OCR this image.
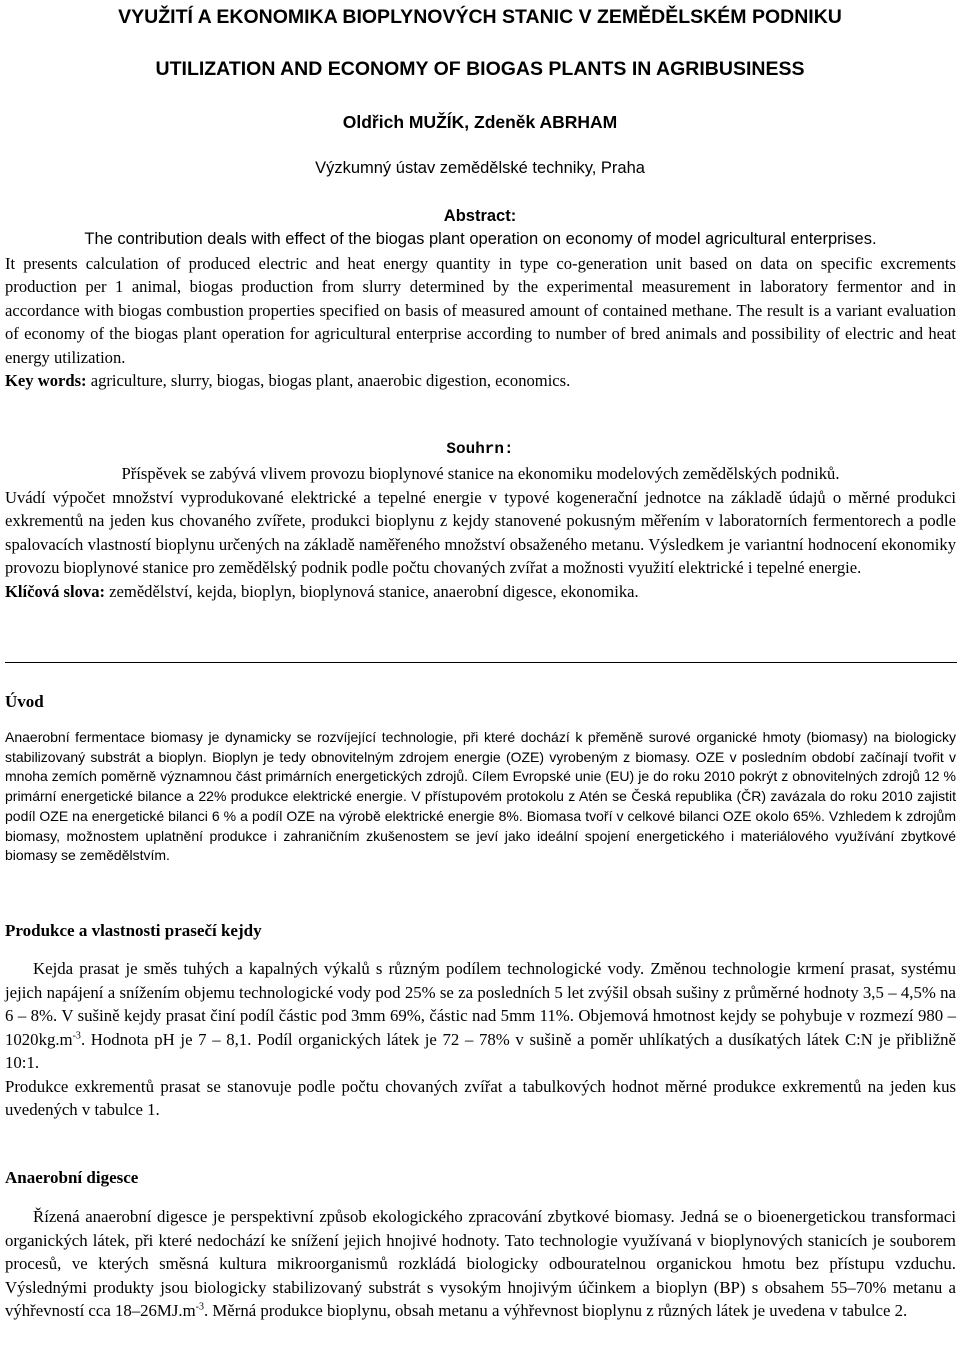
VYUŽITÍ A EKONOMIKA BIOPLYNOVÝCH STANIC V ZEMĚDĚLSKÉM PODNIKU
UTILIZATION AND ECONOMY OF BIOGAS PLANTS IN AGRIBUSINESS
Oldřich MUŽÍK, Zdeněk ABRHAM
Výzkumný ústav zemědělské techniky, Praha
Abstract:

The contribution deals with effect of the biogas plant operation on economy of model agricultural enterprises.

It presents calculation of produced electric and heat energy quantity in type co-generation unit based on data on specific excrements production per 1 animal, biogas production from slurry determined by the experimental measurement in laboratory fermentor and in accordance with biogas combustion properties specified on basis of measured amount of contained methane. The result is a variant evaluation of economy of the biogas plant operation for agricultural enterprise according to number of bred animals and possibility of electric and heat energy utilization.

Key words: agriculture, slurry, biogas, biogas plant, anaerobic digestion, economics.

Souhrn:

Příspěvek se zabývá vlivem provozu bioplynové stanice na ekonomiku modelových zemědělských podniků.

Uvádí výpočet množství vyprodukované elektrické a tepelné energie v typové kogenerační jednotce na základě údajů o měrné produkci exkrementů na jeden kus chovaného zvířete, produkci bioplynu z kejdy stanovené pokusným měřením v laboratorních fermentorech a podle spalovacích vlastností bioplynu určených na základě naměřeného množství obsaženého metanu. Výsledkem je variantní hodnocení ekonomiky provozu bioplynové stanice pro zemědělský podnik podle počtu chovaných zvířat a možnosti využití elektrické i tepelné energie.

Klíčová slova: zemědělství, kejda, bioplyn, bioplynová stanice, anaerobní digesce, ekonomika.

Úvod
Anaerobní fermentace biomasy je dynamicky se rozvíjející technologie, při které dochází k přeměně surové organické hmoty (biomasy) na biologicky stabilizovaný substrát a bioplyn. Bioplyn je tedy obnovitelným zdrojem energie (OZE) vyrobeným z biomasy. OZE v posledním období začínají tvořit v mnoha zemích poměrně významnou část primárních energetických zdrojů. Cílem Evropské unie (EU) je do roku 2010 pokrýt z obnovitelných zdrojů 12 % primární energetické bilance a 22% produkce elektrické energie. V přístupovém protokolu z Atén se Česká republika (ČR) zavázala do roku 2010 zajistit podíl OZE na energetické bilanci 6 % a podíl OZE na výrobě elektrické energie 8%. Biomasa tvoří v celkové bilanci OZE okolo 65%. Vzhledem k zdrojům biomasy, možnostem uplatnění produkce i zahraničním zkušenostem se jeví jako ideální spojení energetického i materiálového využívání zbytkové biomasy se zemědělstvím.
Produkce a vlastnosti prasečí kejdy

Kejda prasat je směs tuhých a kapalných výkalů s různým podílem technologické vody. Změnou technologie krmení prasat, systému jejich napájení a snížením objemu technologické vody pod 25% se za posledních 5 let zvýšil obsah sušiny z průměrné hodnoty 3,5 – 4,5% na 6 – 8%. V sušině kejdy prasat činí podíl částic pod 3mm 69%, částic nad 5mm 11%. Objemová hmotnost kejdy se pohybuje v rozmezí $980 - 1020kg.m^{-3}$. Hodnota pH je 7 – 8,1. Podíl organických látek je 72 – 78% v sušině a poměr uhlíkatých a dusíkatých látek C:N je přibližně 10:1.

Produkce exkrementů prasat se stanovuje podle počtu chovaných zvířat a tabulkových hodnot měrné produkce exkrementů na jeden kus uvedených v tabulce 1.

Anaerobní digesce

Řízená anaerobní digesce je perspektivní způsob ekologického zpracování zbytkové biomasy. Jedná se o bioenergetickou transformaci organických látek, při které nedochází ke snížení jejich hnojivé hodnoty. Tato technologie využívaná v bioplynových stanicích je souborem procesů, ve kterých směsná kultura mikroorganismů rozkládá biologicky odbouratelnou organickou hmotu bez přístupu vzduchu. Výslednými produkty jsou biologicky stabilizovaný substrát s vysokým hnojivým účinkem a bioplyn (BP) s obsahem 55–70% metanu a výhřevností cca $18-26MJ.m^{-3}$. Měrná produkce bioplynu, obsah metanu a výhřevnost bioplynu z různých látek je uvedena v tabulce 2.
